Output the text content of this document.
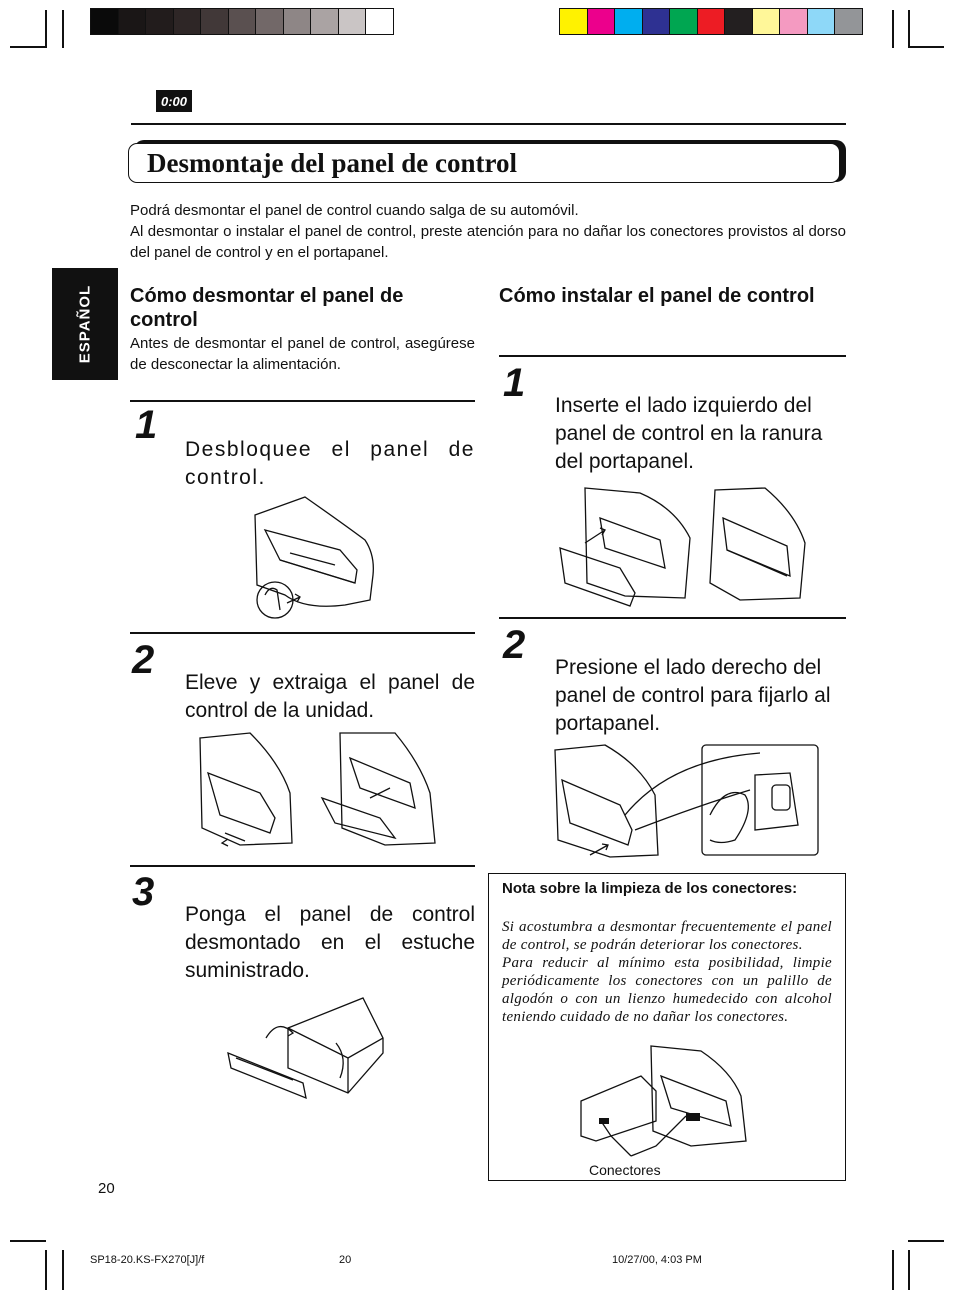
0:00
Desmontaje del panel de control
Podrá desmontar el panel de control cuando salga de su automóvil.
Al desmontar o instalar el panel de control, preste atención para no dañar los conectores provistos al dorso del panel de control y en el portapanel.
ESPAÑOL Cómo desmontar el panel de control
Antes de desmontar el panel de control, asegúrese de desconectar la alimentación.
1
Desbloquee el panel de control.
2
Eleve y extraiga el panel de control de la unidad.
3
Ponga el panel de control desmontado en el estuche suministrado.
Cómo instalar el panel de control
1
Inserte el lado izquierdo del panel de control en la ranura del portapanel.
2
Presione el lado derecho del panel de control para fijarlo al portapanel.
Nota sobre la limpieza de los conectores:
Si acostumbra a desmontar frecuentemente el panel de control, se podrán deteriorar los conectores.
Para reducir al mínimo esta posibilidad, limpie periódicamente los conectores con un palillo de algodón o con un lienzo humedecido con alcohol teniendo cuidado de no dañar los conectores.
Conectores
20
SP18-20.KS-FX270[J]/f	20	10/27/00, 4:03 PM
